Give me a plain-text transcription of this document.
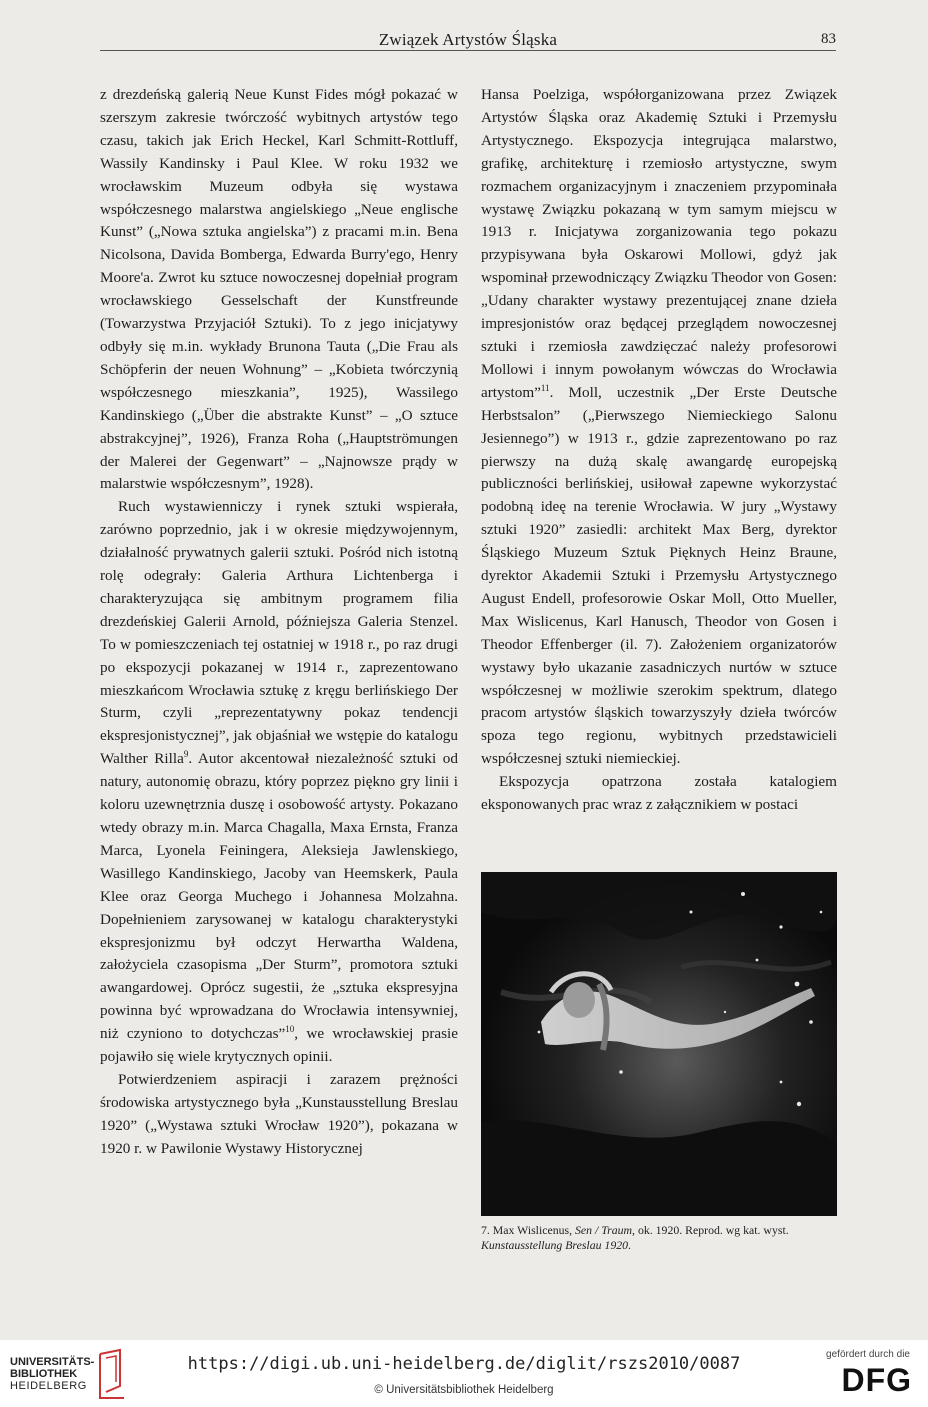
Związek Artystów Śląska	83

z drezdeńską galerią Neue Kunst Fides mógł pokazać w szerszym zakresie twórczość wybitnych artystów tego czasu, takich jak Erich Heckel, Karl Schmitt-Rottluff, Wassily Kandinsky i Paul Klee. W roku 1932 we wrocławskim Muzeum odbyła się wystawa współczesnego malarstwa angielskiego „Neue englische Kunst” („Nowa sztuka angielska”) z pracami m.in. Bena Nicolsona, Davida Bomberga, Edwarda Burry'ego, Henry Moore'a. Zwrot ku sztuce nowoczesnej dopełniał program wrocławskiego Gesselschaft der Kunstfreunde (Towarzystwa Przyjaciół Sztuki). To z jego inicjatywy odbyły się m.in. wykłady Brunona Tauta („Die Frau als Schöpferin der neuen Wohnung” – „Kobieta twórczynią współczesnego mieszkania”, 1925), Wassilego Kandinskiego („Über die abstrakte Kunst” – „O sztuce abstrakcyjnej”, 1926), Franza Roha („Hauptströmungen der Malerei der Gegenwart” – „Najnowsze prądy w malarstwie współczesnym”, 1928).

Ruch wystawienniczy i rynek sztuki wspierała, zarówno poprzednio, jak i w okresie międzywojennym, działalność prywatnych galerii sztuki. Pośród nich istotną rolę odegrały: Galeria Arthura Lichtenberga i charakteryzująca się ambitnym programem filia drezdeńskiej Galerii Arnold, późniejsza Galeria Stenzel. To w pomieszczeniach tej ostatniej w 1918 r., po raz drugi po ekspozycji pokazanej w 1914 r., zaprezentowano mieszkańcom Wrocławia sztukę z kręgu berlińskiego Der Sturm, czyli „reprezentatywny pokaz tendencji ekspresjonistycznej”, jak objaśniał we wstępie do katalogu Walther Rilla$^9$. Autor akcentował niezależność sztuki od natury, autonomię obrazu, który poprzez piękno gry linii i koloru uzewnętrznia duszę i osobowość artysty. Pokazano wtedy obrazy m.in. Marca Chagalla, Maxa Ernsta, Franza Marca, Lyonela Feiningera, Aleksieja Jawlenskiego, Wasillego Kandinskiego, Jacoby van Heemskerk, Paula Klee oraz Georga Muchego i Johannesa Molzahna. Dopełnieniem zarysowanej w katalogu charakterystyki ekspresjonizmu był odczyt Herwartha Waldena, założyciela czasopisma „Der Sturm”, promotora sztuki awangardowej. Oprócz sugestii, że „sztuka ekspresyjna powinna być wprowadzana do Wrocławia intensywniej, niż czyniono to dotychczas”$^{10}$, we wrocławskiej prasie pojawiło się wiele krytycznych opinii.

Potwierdzeniem aspiracji i zarazem prężności środowiska artystycznego była „Kunstausstellung Breslau 1920” („Wystawa sztuki Wrocław 1920”), pokazana w 1920 r. w Pawilonie Wystawy Historycznej

Hansa Poelziga, współorganizowana przez Związek Artystów Śląska oraz Akademię Sztuki i Przemysłu Artystycznego. Ekspozycja integrująca malarstwo, grafikę, architekturę i rzemiosło artystyczne, swym rozmachem organizacyjnym i znaczeniem przypominała wystawę Związku pokazaną w tym samym miejscu w 1913 r. Inicjatywa zorganizowania tego pokazu przypisywana była Oskarowi Mollowi, gdyż jak wspominał przewodniczący Związku Theodor von Gosen: „Udany charakter wystawy prezentującej znane dzieła impresjonistów oraz będącej przeglądem nowoczesnej sztuki i rzemiosła zawdzięczać należy profesorowi Mollowi i innym powołanym wówczas do Wrocławia artystom”$^{11}$. Moll, uczestnik „Der Erste Deutsche Herbstsalon” („Pierwszego Niemieckiego Salonu Jesiennego”) w 1913 r., gdzie zaprezentowano po raz pierwszy na dużą skalę awangardę europejską publiczności berlińskiej, usiłował zapewne wykorzystać podobną ideę na terenie Wrocławia. W jury „Wystawy sztuki 1920” zasiedli: architekt Max Berg, dyrektor Śląskiego Muzeum Sztuk Pięknych Heinz Braune, dyrektor Akademii Sztuki i Przemysłu Artystycznego August Endell, profesorowie Oskar Moll, Otto Mueller, Max Wislicenus, Karl Hanusch, Theodor von Gosen i Theodor Effenberger (il. 7). Założeniem organizatorów wystawy było ukazanie zasadniczych nurtów w sztuce współczesnej w możliwie szerokim spektrum, dlatego pracom artystów śląskich towarzyszyły dzieła twórców spoza tego regionu, wybitnych przedstawicieli współczesnej sztuki niemieckiej.

Ekspozycja opatrzona została katalogiem eksponowanych prac wraz z załącznikiem w postaci

7. Max Wislicenus, Sen / Traum, ok. 1920. Reprod. wg kat. wyst. Kunstausstellung Breslau 1920.
UNIVERSITÄTS-
BIBLIOTHEK
HEIDELBERG
https://digi.ub.uni-heidelberg.de/diglit/rszs2010/0087
© Universitätsbibliothek Heidelberg
gefördert durch die
DFG
